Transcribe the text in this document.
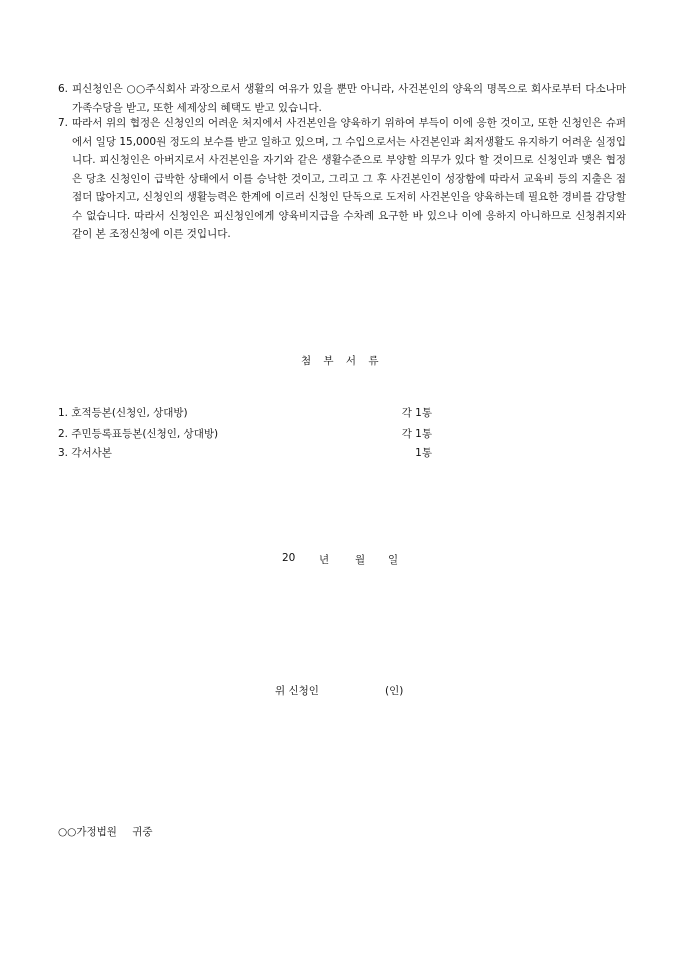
6. 피신청인은 ○○주식회사 과장으로서 생활의 여유가 있을 뿐만 아니라, 사건본인의 양육의 명목으로 회사로부터 다소나마 가족수당을 받고, 또한 세제상의 혜택도 받고 있습니다.
7. 따라서 위의 협정은 신청인의 어려운 처지에서 사건본인을 양육하기 위하여 부득이 이에 응한 것이고, 또한 신청인은 슈퍼에서 일당 15,000원 정도의 보수를 받고 일하고 있으며, 그 수입으로서는 사건본인과 최저생활도 유지하기 어려운 실정입니다. 피신청인은 아버지로서 사건본인을 자기와 같은 생활수준으로 부양할 의무가 있다 할 것이므로 신청인과 맺은 협정은 당초 신청인이 급박한 상태에서 이를 승낙한 것이고, 그리고 그 후 사건본인이 성장함에 따라서 교육비 등의 지출은 점점더 많아지고, 신청인의 생활능력은 한계에 이르러 신청인 단독으로 도저히 사건본인을 양육하는데 필요한 경비를 감당할 수 없습니다. 따라서 신청인은 피신청인에게 양육비지급을 수차례 요구한 바 있으나 이에 응하지 아니하므로 신청취지와 같이 본 조정신청에 이른 것입니다.
첨 부 서 류
1. 호적등본(신청인, 상대방)	각 1통
2. 주민등록표등본(신청인, 상대방)	각 1통
3. 각서사본	1통
20 년 월 일
위 신청인	(인)
○○가정법원 귀중
